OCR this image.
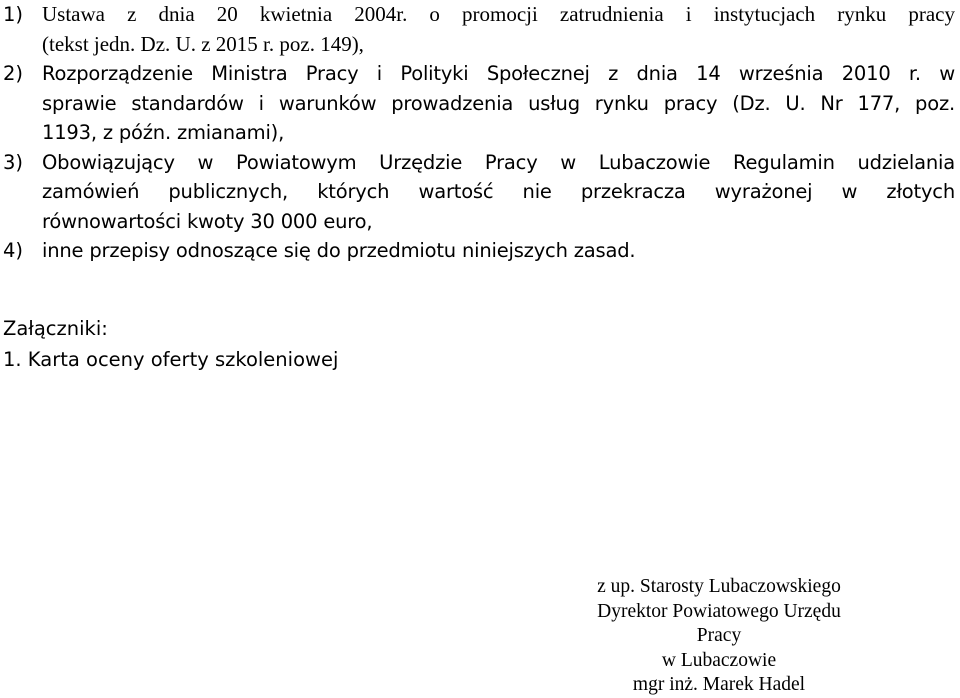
1) Ustawa z dnia 20 kwietnia 2004r. o promocji zatrudnienia i instytucjach rynku pracy
(tekst jedn. Dz. U. z 2015 r. poz. 149),
2) Rozporządzenie Ministra Pracy i Polityki Społecznej z dnia 14 września 2010 r. w
sprawie standardów i warunków prowadzenia usług rynku pracy (Dz. U. Nr 177, poz.
1193, z późn. zmianami),
3) Obowiązujący w Powiatowym Urzędzie Pracy w Lubaczowie Regulamin udzielania
zamówień publicznych, których wartość nie przekracza wyrażonej w złotych
równowartości kwoty 30 000 euro,
4) inne przepisy odnoszące się do przedmiotu niniejszych zasad.
Załączniki:
1. Karta oceny oferty szkoleniowej
z up. Starosty Lubaczowskiego
Dyrektor Powiatowego Urzędu Pracy
w Lubaczowie
mgr inż. Marek Hadel
